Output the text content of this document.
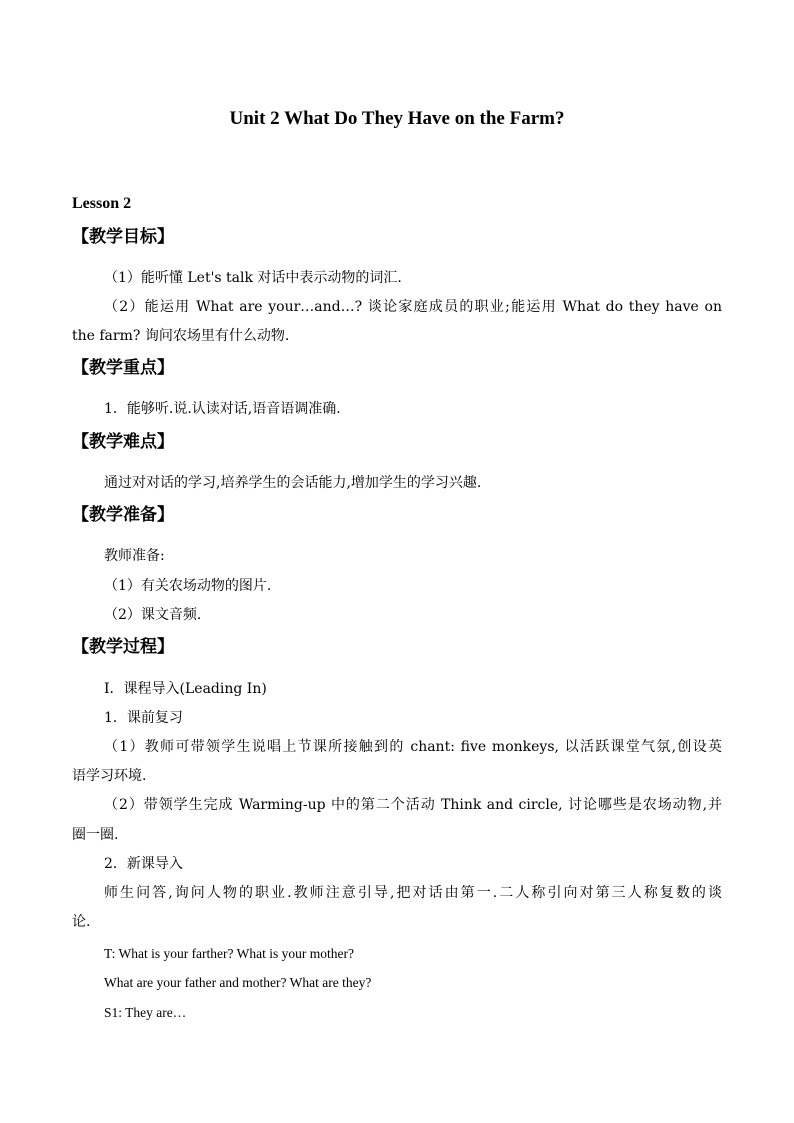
Unit 2 What Do They Have on the Farm?
Lesson 2
【教学目标】
（1）能听懂 Let's talk 对话中表示动物的词汇.
（2）能运用 What are your…and…? 谈论家庭成员的职业;能运用 What do they have on
the farm? 询问农场里有什么动物.
【教学重点】
1．能够听.说.认读对话,语音语调准确.
【教学难点】
通过对对话的学习,培养学生的会话能力,增加学生的学习兴趣.
【教学准备】
教师准备:
（1）有关农场动物的图片.
（2）课文音频.
【教学过程】
Ⅰ．课程导入(Leading In)
1．课前复习
（1）教师可带领学生说唱上节课所接触到的 chant: five monkeys, 以活跃课堂气氛,创设英
语学习环境.
（2）带领学生完成 Warming-up 中的第二个活动 Think and circle, 讨论哪些是农场动物,并
圈一圈.
2．新课导入
师生问答,询问人物的职业.教师注意引导,把对话由第一.二人称引向对第三人称复数的谈
论.
T: What is your farther? What is your mother?
What are your father and mother? What are they?
S1: They are…
